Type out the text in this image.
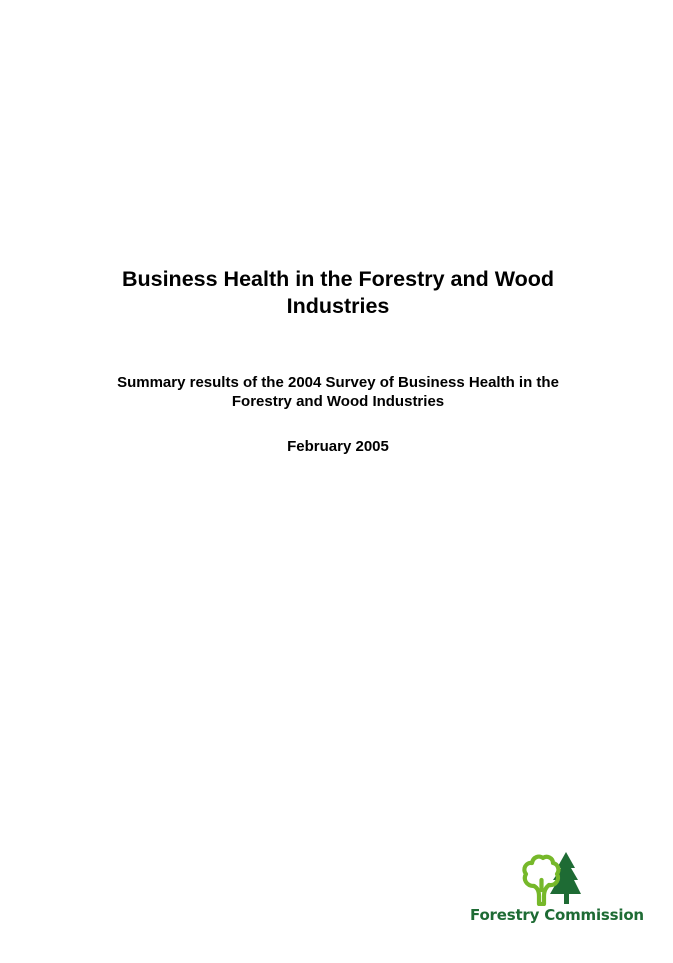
Business Health in the Forestry and Wood
Industries

Summary results of the 2004 Survey of Business Health in the
Forestry and Wood Industries

February 2005

Forestry Commission
